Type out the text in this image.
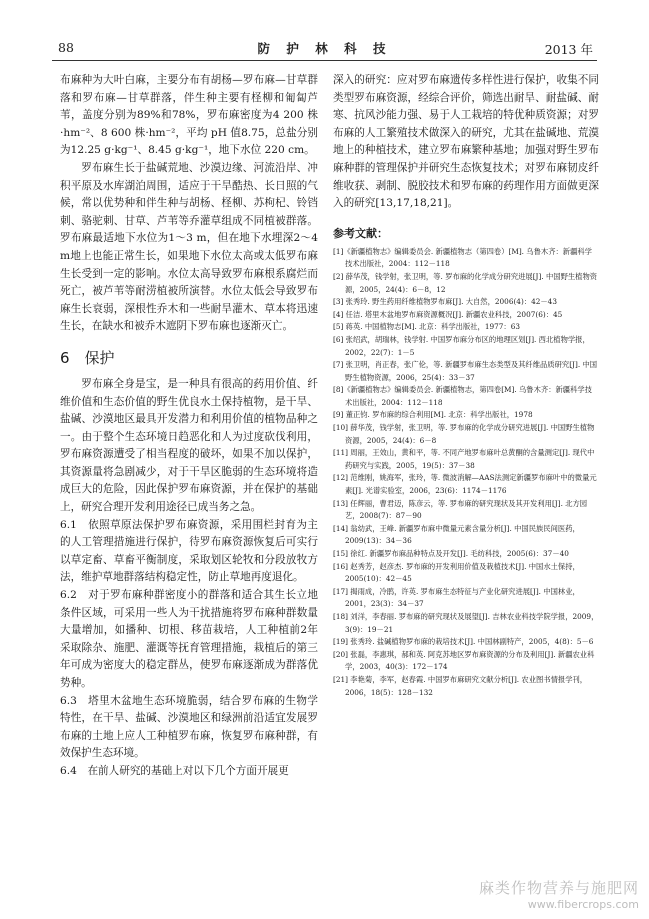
88	防 护 林 科 技	2013 年

布麻种为大叶白麻，主要分布有胡杨—罗布麻—甘草群落和罗布麻—甘草群落，伴生种主要有柽柳和匍匐芦苇，盖度分别为89%和78%，罗布麻密度为4 200 株·hm⁻²、8 600 株·hm⁻²，平均 pH 值8.75，总盐分别为12.25 g·kg⁻¹、8.45 g·kg⁻¹，地下水位 220 cm。

罗布麻生长于盐碱荒地、沙漠边缘、河流沿岸、冲积平原及水库湖泊周围，适应于干旱酷热、长日照的气候，常以优势种和伴生种与胡杨、柽柳、苏枸杞、铃铛刺、骆驼刺、甘草、芦苇等乔灌草组成不同植被群落。罗布麻最适地下水位为1～3 m，但在地下水埋深2～4 m地上也能正常生长，如果地下水位太高或太低罗布麻生长受到一定的影响。水位太高导致罗布麻根系腐烂而死亡，被芦苇等耐涝植被所演替。水位太低会导致罗布麻生长衰弱，深根性乔木和一些耐旱灌木、草本将迅速生长，在缺水和被乔木遮阴下罗布麻也逐渐灭亡。

6　保护

罗布麻全身是宝，是一种具有很高的药用价值、纤维价值和生态价值的野生优良水土保持植物，是干旱、盐碱、沙漠地区最具开发潜力和利用价值的植物品种之一。由于整个生态环境日趋恶化和人为过度砍伐利用，罗布麻资源遭受了相当程度的破坏，如果不加以保护，其资源量将急剧减少，对于干旱区脆弱的生态环境将造成巨大的危险，因此保护罗布麻资源，并在保护的基础上，研究合理开发利用途径已成当务之急。

6.1　依照草原法保护罗布麻资源，采用围栏封育为主的人工管理措施进行保护，待罗布麻资源恢复后可实行以草定畜、草畜平衡制度，采取划区轮牧和分段放牧方法，维护草地群落结构稳定性，防止草地再度退化。

6.2　对于罗布麻种群密度小的群落和适合其生长立地条件区域，可采用一些人为干扰措施将罗布麻种群数量大量增加，如播种、切根、移苗栽培，人工种植前2年采取除杂、施肥、灌溉等抚育管理措施，栽植后的第三年可成为密度大的稳定群丛，使罗布麻逐渐成为群落优势种。

6.3　塔里木盆地生态环境脆弱，结合罗布麻的生物学特性，在干旱、盐碱、沙漠地区和绿洲前沿适宜发展罗布麻的土地上应人工种植罗布麻，恢复罗布麻种群，有效保护生态环境。

6.4　在前人研究的基础上对以下几个方面开展更

深入的研究：应对罗布麻遗传多样性进行保护，收集不同类型罗布麻资源，经综合评价，筛选出耐旱、耐盐碱、耐寒、抗风沙能力强、易于人工栽培的特优种质资源；对罗布麻的人工繁殖技术做深入的研究，尤其在盐碱地、荒漠地上的种植技术，建立罗布麻繁种基地；加强对野生罗布麻种群的管理保护并研究生态恢复技术；对罗布麻韧皮纤维收获、剥制、脱胶技术和罗布麻的药理作用方面做更深入的研究[13,17,18,21]。

参考文献：

[1]《新疆植物志》编辑委员会. 新疆植物志（第四卷）[M]. 乌鲁木齐：新疆科学技术出版社，2004：112－118

[2] 薛华茂，钱学射，张卫明，等. 罗布麻的化学成分研究进展[J]. 中国野生植物资源，2005，24(4)：6－8，12

[3] 张秀玲. 野生药用纤维植物罗布麻[J]. 大自然，2006(4)：42－43

[4] 任洁. 塔里木盆地罗布麻资源概况[J]. 新疆农业科技，2007(6)：45

[5] 蒋英. 中国植物志[M]. 北京：科学出版社，1977：63

[6] 张绍武，胡瑞林，钱学射. 中国罗布麻分布区的地理区划[J]. 西北植物学报，2002，22(7)：1－5

[7] 张卫明，肖正春，张广伦，等. 新疆罗布麻生态类型及其纤维品质研究[J]. 中国野生植物资源，2006，25(4)：33－37

[8]《新疆植物志》编辑委员会. 新疆植物志，第四卷[M]. 乌鲁木齐：新疆科学技术出版社，2004：112－118

[9] 董正钧. 罗布麻的综合利用[M]. 北京：科学出版社，1978

[10] 薛华茂，钱学射，张卫明，等. 罗布麻的化学成分研究进展[J]. 中国野生植物资源，2005，24(4)：6－8

[11] 周丽，王效山，黄和平，等. 不同产地罗布麻叶总黄酮的含量测定[J]. 现代中药研究与实践，2005，19(5)：37－38

[12] 范维刚，姚海军，张玲，等. 微波消解—AAS法测定新疆罗布麻叶中的微量元素[J]. 光谱实验室，2006，23(6)：1174－1176

[13] 任辉丽，曹君迈，陈彦云，等. 罗布麻的研究现状及其开发利用[J]. 北方园艺，2008(7)：87－90

[14] 翁幼武，王峰. 新疆罗布麻中微量元素含量分析[J]. 中国民族民间医药，2009(13)：34－36

[15] 徐红. 新疆罗布麻品种特点及开发[J]. 毛纺科技，2005(6)：37－40

[16] 赵秀芳，赵彦杰. 罗布麻的开发利用价值及栽植技术[J]. 中国水土保持，2005(10)：42－45

[17] 揭雨成，冷鹃，许英. 罗布麻生态特征与产业化研究进展[J]. 中国林业，2001，23(3)：34－37

[18] 刘洋，李春丽. 罗布麻的研究现状及展望[J]. 吉林农业科技学院学报，2009，3(9)：19－21

[19] 张秀玲. 盐碱植物罗布麻的栽培技术[J]. 中国林副特产，2005，4(8)：5－6

[20] 张磊，李惠琪，郝和英. 阿克苏地区罗布麻资源的分布及利用[J]. 新疆农业科学，2003，40(3)：172－174

[21] 李艳菊，李军，赵春霞. 中国罗布麻研究文献分析[J]. 农业图书情报学刊，2006，18(5)：128－132

麻类作物营养与施肥网
www.fibercrops.com
